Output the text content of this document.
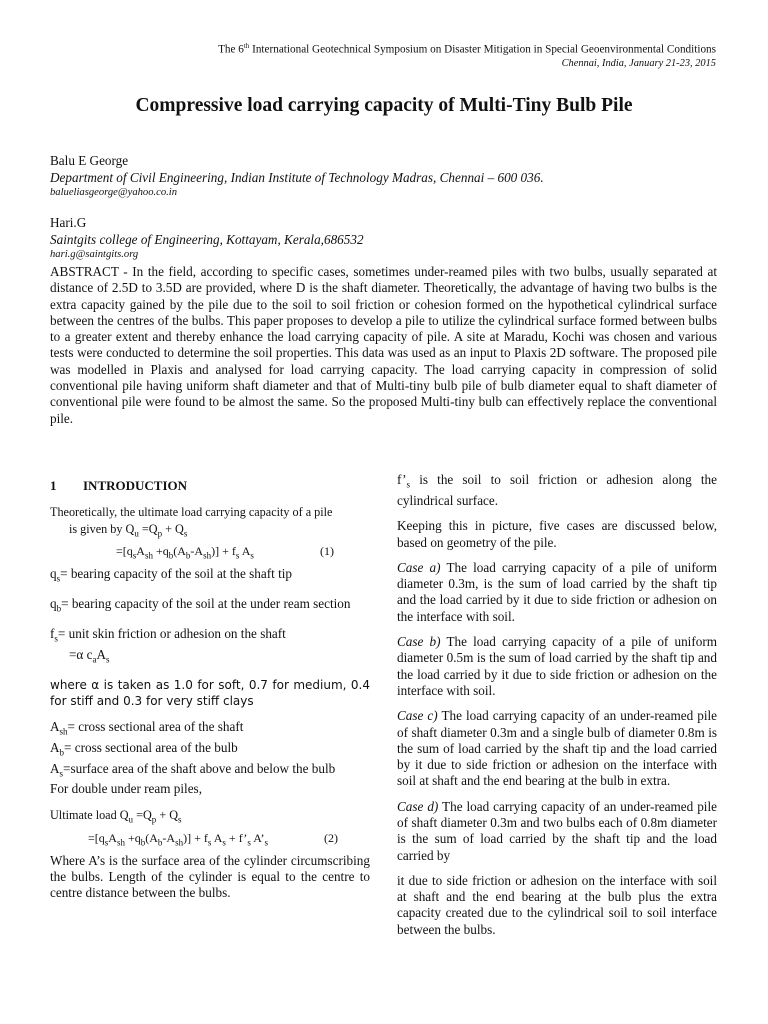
The 6th International Geotechnical Symposium on Disaster Mitigation in Special Geoenvironmental Conditions
Chennai, India, January 21-23, 2015
Compressive load carrying capacity of Multi-Tiny Bulb Pile
Balu E George
Department of Civil Engineering, Indian Institute of Technology Madras, Chennai – 600 036.
balueliasgeorge@yahoo.co.in
Hari.G
Saintgits college of Engineering, Kottayam, Kerala,686532
hari.g@saintgits.org

ABSTRACT - In the field, according to specific cases, sometimes under-reamed piles with two bulbs, usually separated at distance of 2.5D to 3.5D are provided, where D is the shaft diameter. Theoretically, the advantage of having two bulbs is the extra capacity gained by the pile due to the soil to soil friction or cohesion formed on the hypothetical cylindrical surface between the centres of the bulbs. This paper proposes to develop a pile to utilize the cylindrical surface formed between bulbs to a greater extent and thereby enhance the load carrying capacity of pile. A site at Maradu, Kochi was chosen and various tests were conducted to determine the soil properties. This data was used as an input to Plaxis 2D software. The proposed pile was modelled in Plaxis and analysed for load carrying capacity. The load carrying capacity in compression of solid conventional pile having uniform shaft diameter and that of Multi-tiny bulb pile of bulb diameter equal to shaft diameter of conventional pile were found to be almost the same. So the proposed Multi-tiny bulb can effectively replace the conventional pile.

1 INTRODUCTION

Theoretically, the ultimate load carrying capacity of a pile

is given by $Q_u =Q_p + Q_s$

$=[q_sA_{sh} +q_b(A_b-A_{sh})] + f_s$ $A_s$	(1)

$q_s=$ bearing capacity of the soil at the shaft tip

$q_b=$ bearing capacity of the soil at the under ream section

$f_s=$ unit skin friction or adhesion on the shaft

=α $c_aA_s$

where α is taken as 1.0 for soft, 0.7 for medium, 0.4 for stiff and 0.3 for very stiff clays

$A_{sh}=$ cross sectional area of the shaft

$A_b=$ cross sectional area of the bulb

$A_s=surface$ area of the shaft above and below the bulb

For double under ream piles,

Ultimate load $Q_u =Q_p + Q_s$

$=[q_sA_{sh} +q_b(A_b-A_{sh})] + f_s$ $A_s$ + $f’_s$ $A’_s$	(2)

Where A’s is the surface area of the cylinder circumscribing the bulbs. Length of the cylinder is equal to the centre to centre distance between the bulbs.

$f’_s$ is the soil to soil friction or adhesion along the cylindrical surface.

Keeping this in picture, five cases are discussed below, based on geometry of the pile.

Case a) The load carrying capacity of a pile of uniform diameter 0.3m, is the sum of load carried by the shaft tip and the load carried by it due to side friction or adhesion on the interface with soil.

Case b) The load carrying capacity of a pile of uniform diameter 0.5m is the sum of load carried by the shaft tip and the load carried by it due to side friction or adhesion on the interface with soil.

Case c) The load carrying capacity of an under-reamed pile of shaft diameter 0.3m and a single bulb of diameter 0.8m is the sum of load carried by the shaft tip and the load carried by it due to side friction or adhesion on the interface with soil at shaft and the end bearing at the bulb in extra.

Case d) The load carrying capacity of an under-reamed pile of shaft diameter 0.3m and two bulbs each of 0.8m diameter is the sum of load carried by the shaft tip and the load carried by

it due to side friction or adhesion on the interface with soil at shaft and the end bearing at the bulb plus the extra capacity created due to the cylindrical soil to soil interface between the bulbs.
